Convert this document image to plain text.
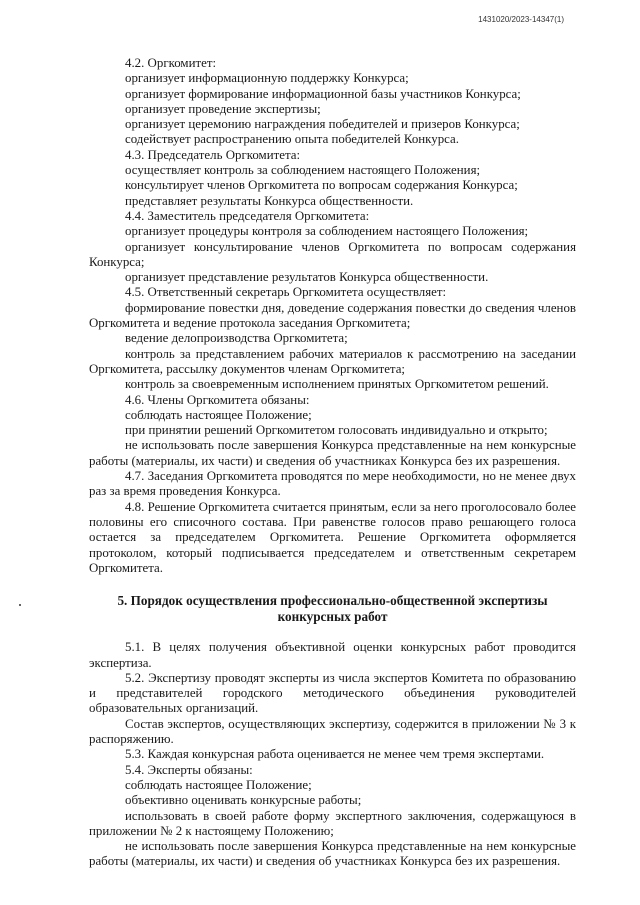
1431020/2023-14347(1)

4.2. Оргкомитет:

организует информационную поддержку Конкурса;

организует формирование информационной базы участников Конкурса;

организует проведение экспертизы;

организует церемонию награждения победителей и призеров Конкурса;

содействует распространению опыта победителей Конкурса.

4.3. Председатель Оргкомитета:

осуществляет контроль за соблюдением настоящего Положения;

консультирует членов Оргкомитета по вопросам содержания Конкурса;

представляет результаты Конкурса общественности.

4.4. Заместитель председателя Оргкомитета:

организует процедуры контроля за соблюдением настоящего Положения;

организует консультирование членов Оргкомитета по вопросам содержания Конкурса;

организует представление результатов Конкурса общественности.

4.5. Ответственный секретарь Оргкомитета осуществляет:

формирование повестки дня, доведение содержания повестки до сведения членов Оргкомитета и ведение протокола заседания Оргкомитета;

ведение делопроизводства Оргкомитета;

контроль за представлением рабочих материалов к рассмотрению на заседании Оргкомитета, рассылку документов членам Оргкомитета;

контроль за своевременным исполнением принятых Оргкомитетом решений.

4.6. Члены Оргкомитета обязаны:

соблюдать настоящее Положение;

при принятии решений Оргкомитетом голосовать индивидуально и открыто;

не использовать после завершения Конкурса представленные на нем конкурсные работы (материалы, их части) и сведения об участниках Конкурса без их разрешения.

4.7. Заседания Оргкомитета проводятся по мере необходимости, но не менее двух раз за время проведения Конкурса.

4.8. Решение Оргкомитета считается принятым, если за него проголосовало более половины его списочного состава. При равенстве голосов право решающего голоса остается за председателем Оргкомитета. Решение Оргкомитета оформляется протоколом, который подписывается председателем и ответственным секретарем Оргкомитета.

5. Порядок осуществления профессионально-общественной экспертизы конкурсных работ

5.1. В целях получения объективной оценки конкурсных работ проводится экспертиза.

5.2. Экспертизу проводят эксперты из числа экспертов Комитета по образованию и представителей городского методического объединения руководителей образовательных организаций.

Состав экспертов, осуществляющих экспертизу, содержится в приложении № 3 к распоряжению.

5.3. Каждая конкурсная работа оценивается не менее чем тремя экспертами.

5.4. Эксперты обязаны:

соблюдать настоящее Положение;

объективно оценивать конкурсные работы;

использовать в своей работе форму экспертного заключения, содержащуюся в приложении № 2 к настоящему Положению;

не использовать после завершения Конкурса представленные на нем конкурсные работы (материалы, их части) и сведения об участниках Конкурса без их разрешения.
